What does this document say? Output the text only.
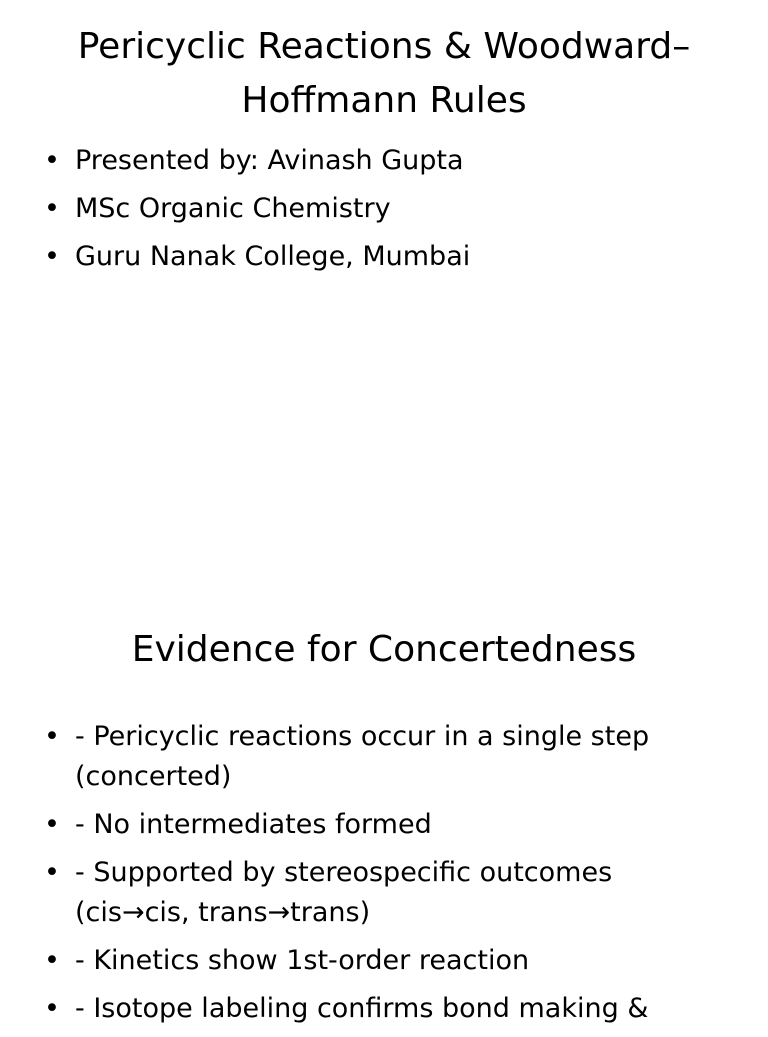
Pericyclic Reactions & Woodward–Hoffmann Rules
• Presented by: Avinash Gupta
• MSc Organic Chemistry
• Guru Nanak College, Mumbai
Evidence for Concertedness
• - Pericyclic reactions occur in a single step (concerted)
• - No intermediates formed
• - Supported by stereospecific outcomes (cis→cis, trans→trans)
• - Kinetics show 1st-order reaction
• - Isotope labeling confirms bond making &
